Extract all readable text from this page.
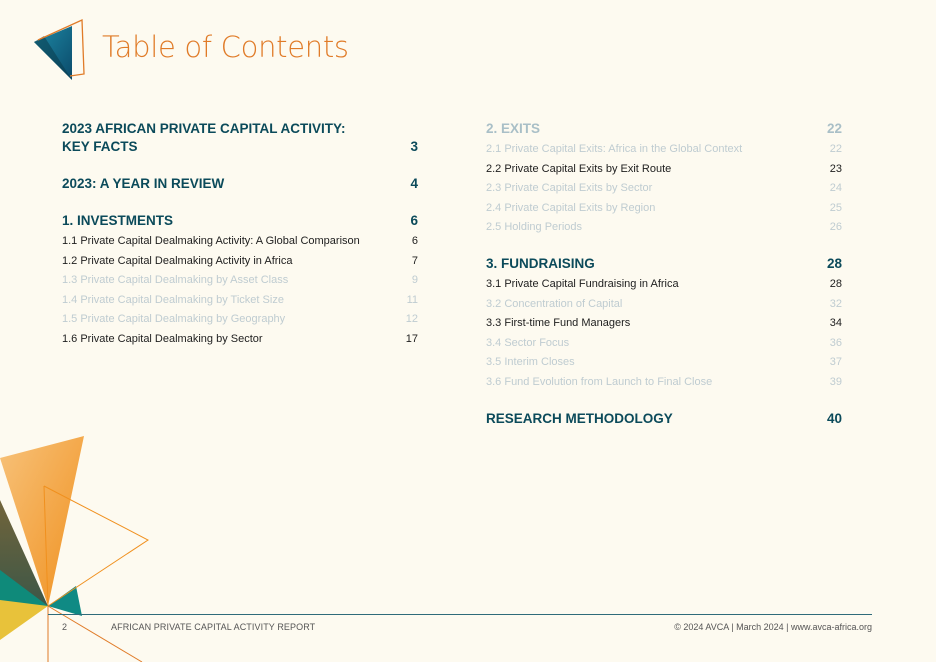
Table of Contents
2023 AFRICAN PRIVATE CAPITAL ACTIVITY: KEY FACTS	3
2023: A YEAR IN REVIEW	4
1. INVESTMENTS	6
1.1 Private Capital Dealmaking Activity: A Global Comparison	6
1.2 Private Capital Dealmaking Activity in Africa	7
1.3 Private Capital Dealmaking by Asset Class	9
1.4 Private Capital Dealmaking by Ticket Size	11
1.5 Private Capital Dealmaking by Geography	12
1.6 Private Capital Dealmaking by Sector	17
2. EXITS	22
2.1 Private Capital Exits: Africa in the Global Context	22
2.2 Private Capital Exits by Exit Route	23
2.3 Private Capital Exits by Sector	24
2.4 Private Capital Exits by Region	25
2.5 Holding Periods	26
3. FUNDRAISING	28
3.1 Private Capital Fundraising in Africa	28
3.2 Concentration of Capital	32
3.3 First-time Fund Managers	34
3.4 Sector Focus	36
3.5 Interim Closes	37
3.6 Fund Evolution from Launch to Final Close	39
RESEARCH METHODOLOGY	40
2	AFRICAN PRIVATE CAPITAL ACTIVITY REPORT	© 2024 AVCA | March 2024 | www.avca-africa.org
